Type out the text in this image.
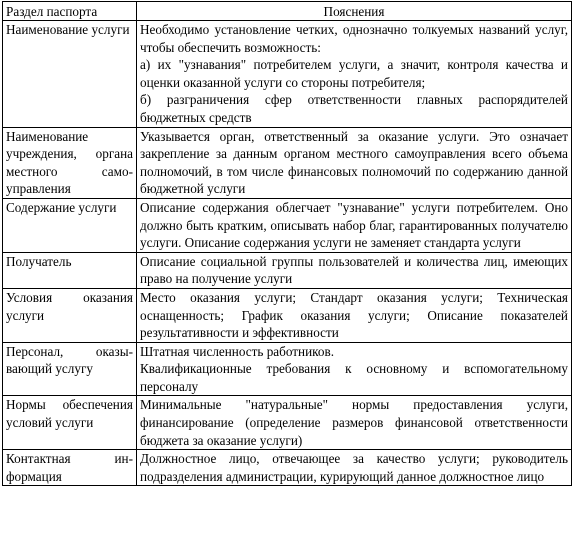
Раздел паспорта	Пояснения
Наименование услуги	Необходимо установление четких, однозначно толкуемых названий услуг, чтобы обеспечить возможность:

а) их "узнавания" потребителем услуги, а значит, контроля качества и оценки оказанной услуги со стороны потребителя;

б) разграничения сфер ответственности главных распорядителей бюджетных средств

Наименование учреждения, органа местного самоуправления	Указывается орган, ответственный за оказание услуги. Это означает закрепление за данным органом местного самоуправления всего объема полномочий, в том числе финансовых полномочий по содержанию данной бюджетной услуги

Содержание услуги	Описание содержания облегчает "узнавание" услуги потребителем. Оно должно быть кратким, описывать набор благ, гарантированных получателю услуги. Описание содержания услуги не заменяет стандарта услуги

Получатель	Описание социальной группы пользователей и количества лиц, имеющих право на получение услуги

Условия оказания услуги	Место оказания услуги; Стандарт оказания услуги; Техническая оснащенность; График оказания услуги; Описание показателей результативности и эффективности

Персонал, оказывающий услугу	Штатная численность работников.

Квалификационные требования к основному и вспомогательному персоналу

Нормы обеспечения условий услуги	Минимальные "натуральные" нормы предоставления услуги, финансирование (определение размеров финансовой ответственности бюджета за оказание услуги)

Контактная информация	Должностное лицо, отвечающее за качество услуги; руководитель подразделения администрации, курирующий данное должностное лицо
